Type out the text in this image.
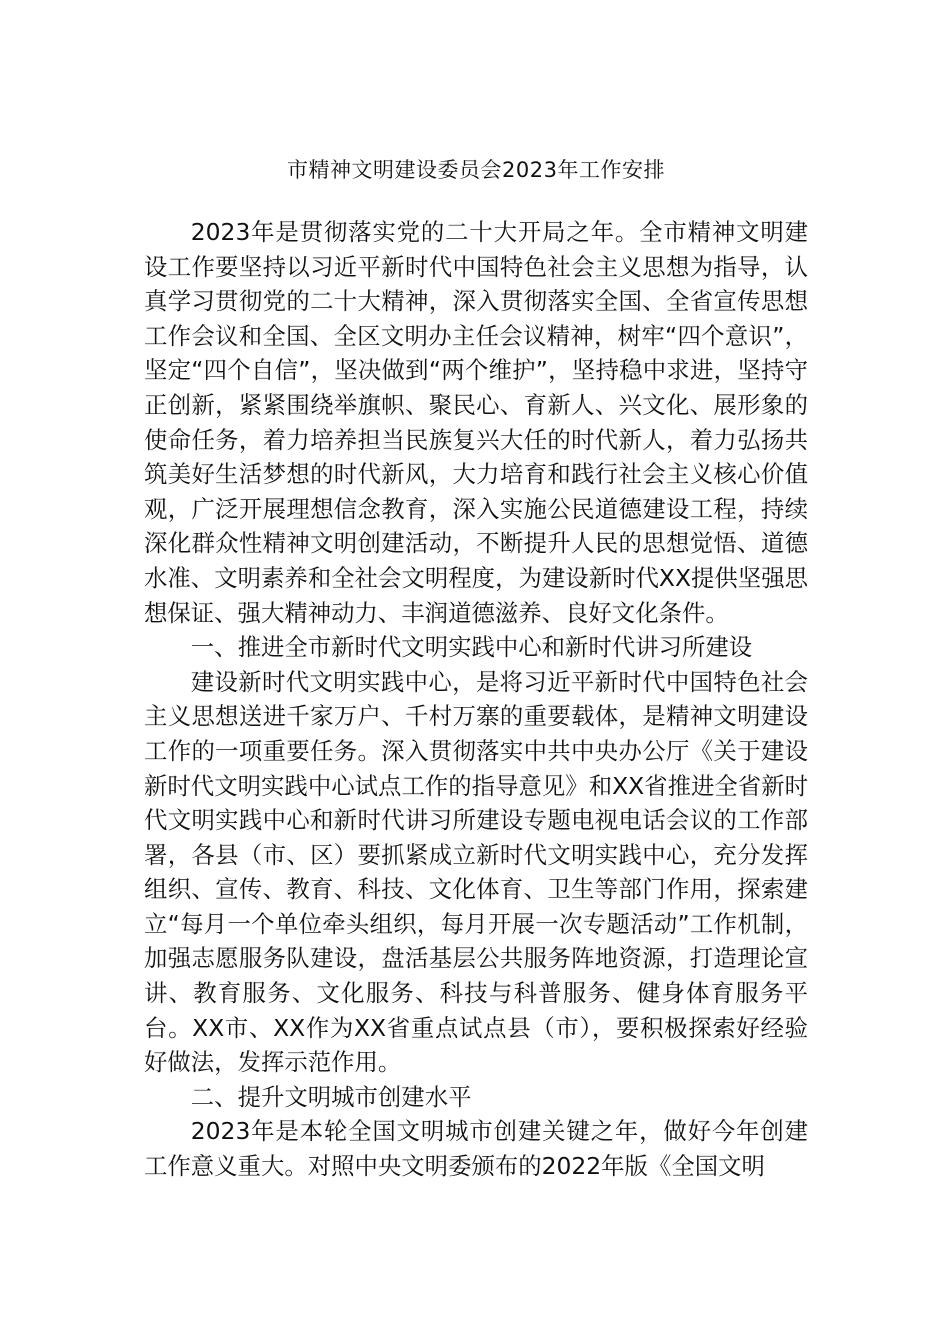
市精神文明建设委员会2023年工作安排

2023年是贯彻落实党的二十大开局之年。全市精神文明建设工作要坚持以习近平新时代中国特色社会主义思想为指导，认真学习贯彻党的二十大精神，深入贯彻落实全国、全省宣传思想工作会议和全国、全区文明办主任会议精神，树牢“四个意识”，坚定“四个自信”，坚决做到“两个维护”，坚持稳中求进，坚持守正创新，紧紧围绕举旗帜、聚民心、育新人、兴文化、展形象的使命任务，着力培养担当民族复兴大任的时代新人，着力弘扬共筑美好生活梦想的时代新风，大力培育和践行社会主义核心价值观，广泛开展理想信念教育，深入实施公民道德建设工程，持续深化群众性精神文明创建活动，不断提升人民的思想觉悟、道德水准、文明素养和全社会文明程度，为建设新时代XX提供坚强思想保证、强大精神动力、丰润道德滋养、良好文化条件。

一、推进全市新时代文明实践中心和新时代讲习所建设

建设新时代文明实践中心，是将习近平新时代中国特色社会主义思想送进千家万户、千村万寨的重要载体，是精神文明建设工作的一项重要任务。深入贯彻落实中共中央办公厅《关于建设新时代文明实践中心试点工作的指导意见》和XX省推进全省新时代文明实践中心和新时代讲习所建设专题电视电话会议的工作部署，各县（市、区）要抓紧成立新时代文明实践中心，充分发挥组织、宣传、教育、科技、文化体育、卫生等部门作用，探索建立“每月一个单位牵头组织，每月开展一次专题活动”工作机制，加强志愿服务队建设，盘活基层公共服务阵地资源，打造理论宣讲、教育服务、文化服务、科技与科普服务、健身体育服务平台。XX市、XX作为XX省重点试点县（市），要积极探索好经验好做法，发挥示范作用。

二、提升文明城市创建水平

2023年是本轮全国文明城市创建关键之年，做好今年创建工作意义重大。对照中央文明委颁布的2022年版《全国文明
